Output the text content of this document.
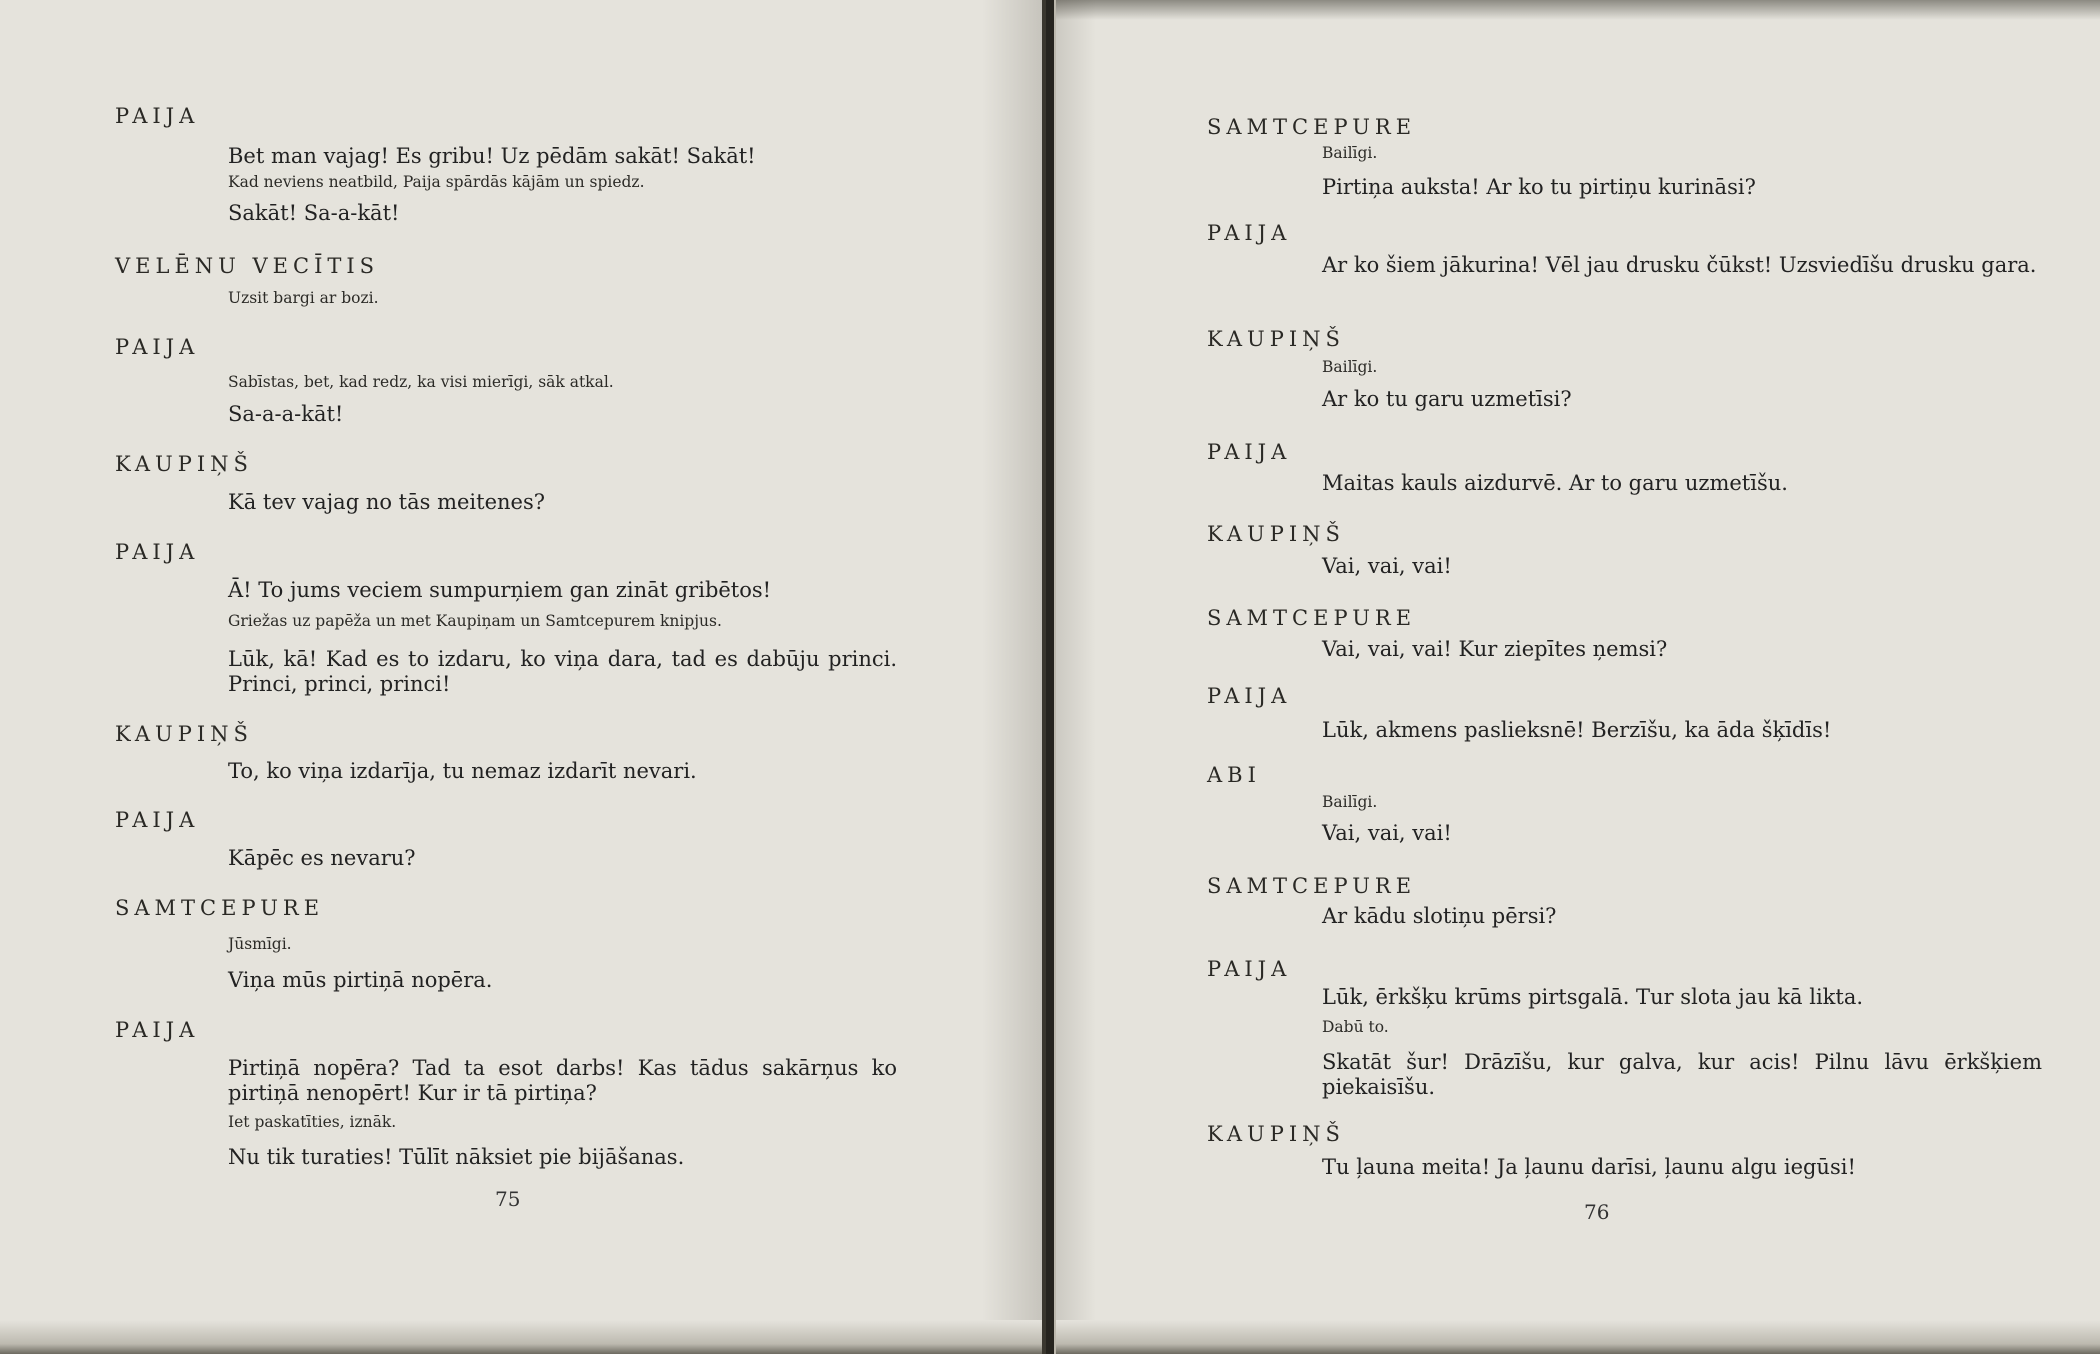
PAIJA

Bet man vajag! Es gribu! Uz pēdām sakāt! Sakāt!

Kad neviens neatbild, Paija spārdās kājām un spiedz.

Sakāt! Sa-a-kāt!

VELĒNU VECĪTIS

Uzsit bargi ar bozi.

PAIJA

Sabīstas, bet, kad redz, ka visi mierīgi, sāk atkal.

Sa-a-a-kāt!

KAUPIŅŠ

Kā tev vajag no tās meitenes?

PAIJA

Ā! To jums veciem sumpurņiem gan zināt gribētos!

Griežas uz papēža un met Kaupiņam un Samtcepurem knipjus.

Lūk, kā! Kad es to izdaru, ko viņa dara, tad es dabūju princi. Princi, princi, princi!

KAUPIŅŠ

To, ko viņa izdarīja, tu nemaz izdarīt nevari.

PAIJA

Kāpēc es nevaru?

SAMTCEPURE

Jūsmīgi.

Viņa mūs pirtiņā nopēra.

PAIJA

Pirtiņā nopēra? Tad ta esot darbs! Kas tādus sakārņus ko pirtiņā nenopērt! Kur ir tā pirtiņa?

Iet paskatīties, iznāk.

Nu tik turaties! Tūlīt nāksiet pie bijāšanas.

75

SAMTCEPURE

Bailīgi.

Pirtiņa auksta! Ar ko tu pirtiņu kurināsi?

PAIJA

Ar ko šiem jākurina! Vēl jau drusku čūkst! Uzsviedīšu drusku gara.

KAUPIŅŠ

Bailīgi.

Ar ko tu garu uzmetīsi?

PAIJA

Maitas kauls aizdurvē. Ar to garu uzmetīšu.

KAUPIŅŠ

Vai, vai, vai!

SAMTCEPURE

Vai, vai, vai! Kur ziepītes ņemsi?

PAIJA

Lūk, akmens paslieksnē! Berzīšu, ka āda šķīdīs!

ABI

Bailīgi.

Vai, vai, vai!

SAMTCEPURE

Ar kādu slotiņu pērsi?

PAIJA

Lūk, ērkšķu krūms pirtsgalā. Tur slota jau kā likta.

Dabū to.

Skatāt šur! Drāzīšu, kur galva, kur acis! Pilnu lāvu ērkšķiem piekaisīšu.

KAUPIŅŠ

Tu ļauna meita! Ja ļaunu darīsi, ļaunu algu iegūsi!

76
